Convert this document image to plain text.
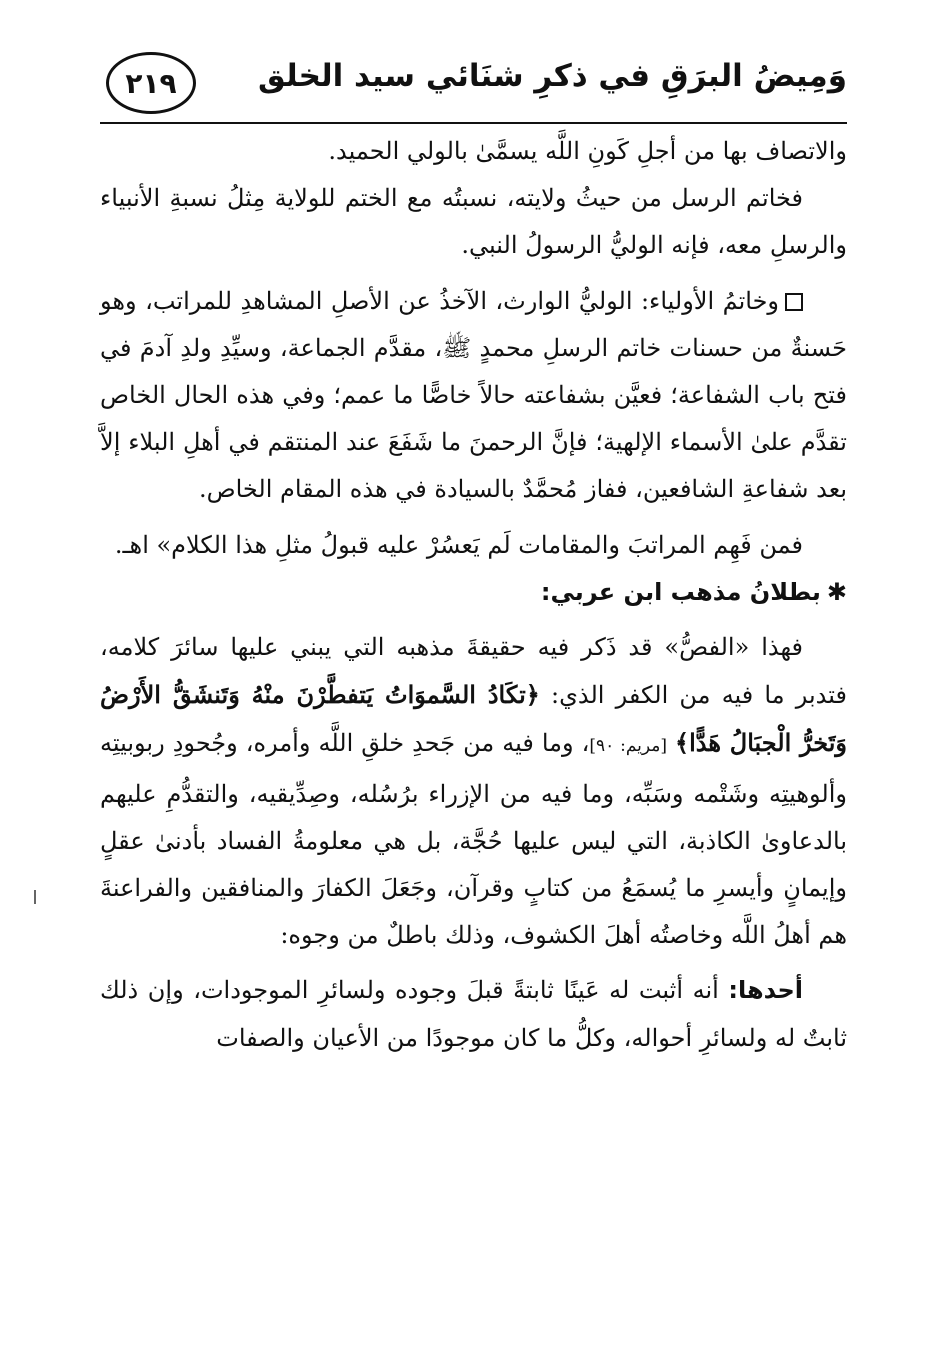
وَمِيضُ البرَقِ في ذكرِ شنَائي سيد الخلق
٢١٩

والاتصاف بها من أجلِ كَونِ اللَّه يسمَّىٰ بالولي الحميد.

فخاتم الرسل من حيثُ ولايته، نسبتُه مع الختم للولاية مِثلُ نسبةِ الأنبياء والرسلِ معه، فإنه الوليُّ الرسولُ النبي.

وخاتمُ الأولياء: الوليُّ الوارث، الآخذُ عن الأصلِ المشاهدِ للمراتب، وهو حَسنةٌ من حسنات خاتم الرسلِ محمدٍ ﷺ، مقدَّم الجماعة، وسيِّدِ ولدِ آدمَ في فتح باب الشفاعة؛ فعيَّن بشفاعته حالاً خاصًّا ما عمم؛ وفي هذه الحال الخاص تقدَّم علىٰ الأسماء الإلهية؛ فإنَّ الرحمنَ ما شَفَعَ عند المنتقم في أهلِ البلاء إلاَّ بعد شفاعةِ الشافعين، ففاز مُحمَّدٌ بالسيادة في هذه المقام الخاص.

فمن فَهِم المراتبَ والمقامات لَم يَعسُرْ عليه قبولُ مثلِ هذا الكلام» اهـ.

✱بطلانُ مذهب ابن عربي:

فهذا «الفصُّ» قد ذَكر فيه حقيقةَ مذهبه التي يبني عليها سائرَ كلامه، فتدبر ما فيه من الكفر الذي: ﴿تكَادُ السَّموَاتُ يَتفطَّرْنَ منْهُ وَتَنشَقُّ الأَرْضُ وَتَخرُّ الْجبَالُ هَدًّا﴾ [مريم: ٩٠]، وما فيه من جَحدِ خلقِ اللَّه وأمره، وجُحودِ ربوبيتِه وألوهيتِه وشَتْمه وسَبِّه، وما فيه من الإزراء برُسُله، وصِدِّيقيه، والتقدُّمِ عليهم بالدعاوىٰ الكاذبة، التي ليس عليها حُجَّة، بل هي معلومةُ الفساد بأدنىٰ عقلٍ وإيمانٍ وأيسرِ ما يُسمَعُ من كتابٍ وقرآن، وجَعَلَ الكفارَ والمنافقين والفراعنةَ هم أهلُ اللَّه وخاصتُه أهلَ الكشوف، وذلك باطلٌ من وجوه:

أحدها: أنه أثبت له عَينًا ثابتةً قبلَ وجوده ولسائرِ الموجودات، وإن ذلك ثابتٌ له ولسائرِ أحواله، وكلُّ ما كان موجودًا من الأعيان والصفات
